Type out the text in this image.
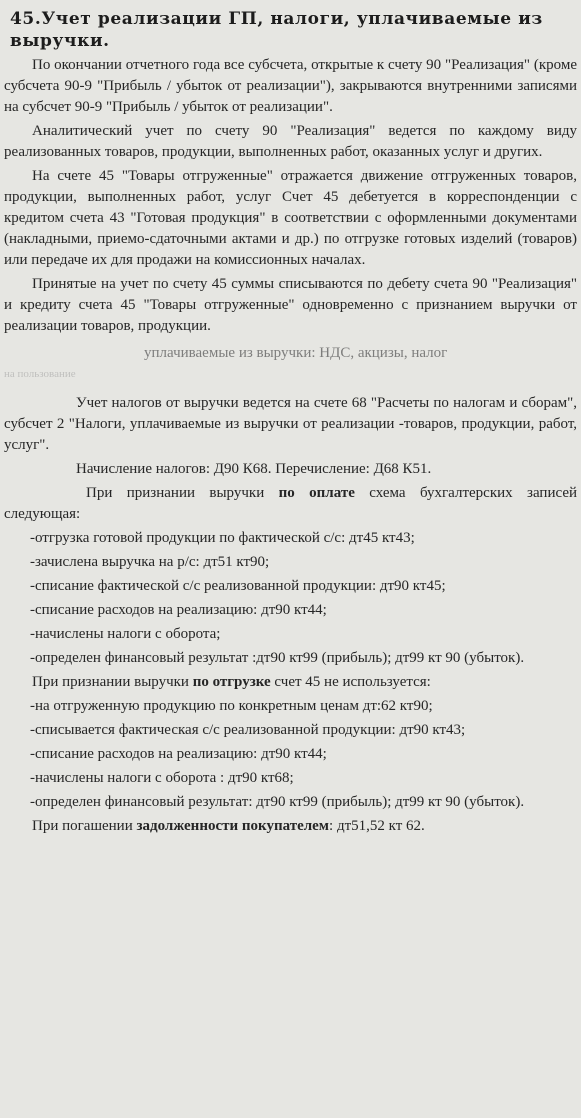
45.Учет реализации ГП, налоги, уплачиваемые из выручки.

По окончании отчетного года все субсчета, открытые к счету 90 "Реализация" (кроме субсчета 90-9 "Прибыль / убыток от реализации"), закрываются внутренними записями на субсчет 90-9 "Прибыль / убыток от реализации".

Аналитический учет по счету 90 "Реализация" ведется по каждому виду реализованных товаров, продукции, выполненных работ, оказанных услуг и других.

На счете 45 "Товары отгруженные" отражается движение отгруженных товаров, продукции, выполненных работ, услуг Счет 45 дебетуется в корреспонденции с кредитом счета 43 "Готовая продукция" в соответствии с оформленными документами (накладными, приемо-сдаточными актами и др.) по отгрузке готовых изделий (товаров) или передаче их для продажи на комиссионных началах.

Принятые на учет по счету 45 суммы списываются по дебету счета 90 "Реализация" и кредиту счета 45 "Товары отгруженные" одновременно с признанием выручки от реализации товаров, продукции.

уплачиваемые из выручки: НДС, акцизы, налог
на пользование

Учет налогов от выручки ведется на счете 68 "Расчеты по налогам и сборам", субсчет 2 "Налоги, уплачиваемые из выручки от реализации -товаров, продукции, работ, услуг".

Начисление налогов: Д90 К68. Перечисление: Д68 К51.

При признании выручки по оплате схема бухгалтерских записей следующая:

-отгрузка готовой продукции по фактической с/с: дт45 кт43;

-зачислена выручка на р/с: дт51 кт90;

-списание фактической с/с реализованной продукции: дт90 кт45;

-списание расходов на реализацию: дт90 кт44;

-начислены налоги с оборота;

-определен финансовый результат :дт90 кт99 (прибыль); дт99 кт 90 (убыток).

При признании выручки по отгрузке счет 45 не используется:

-на отгруженную продукцию по конкретным ценам дт:62 кт90;

-списывается фактическая с/с реализованной продукции: дт90 кт43;

-списание расходов на реализацию: дт90 кт44;

-начислены налоги с оборота : дт90 кт68;

-определен финансовый результат: дт90 кт99 (прибыль); дт99 кт 90 (убыток).

При погашении задолженности покупателем: дт51,52 кт 62.
